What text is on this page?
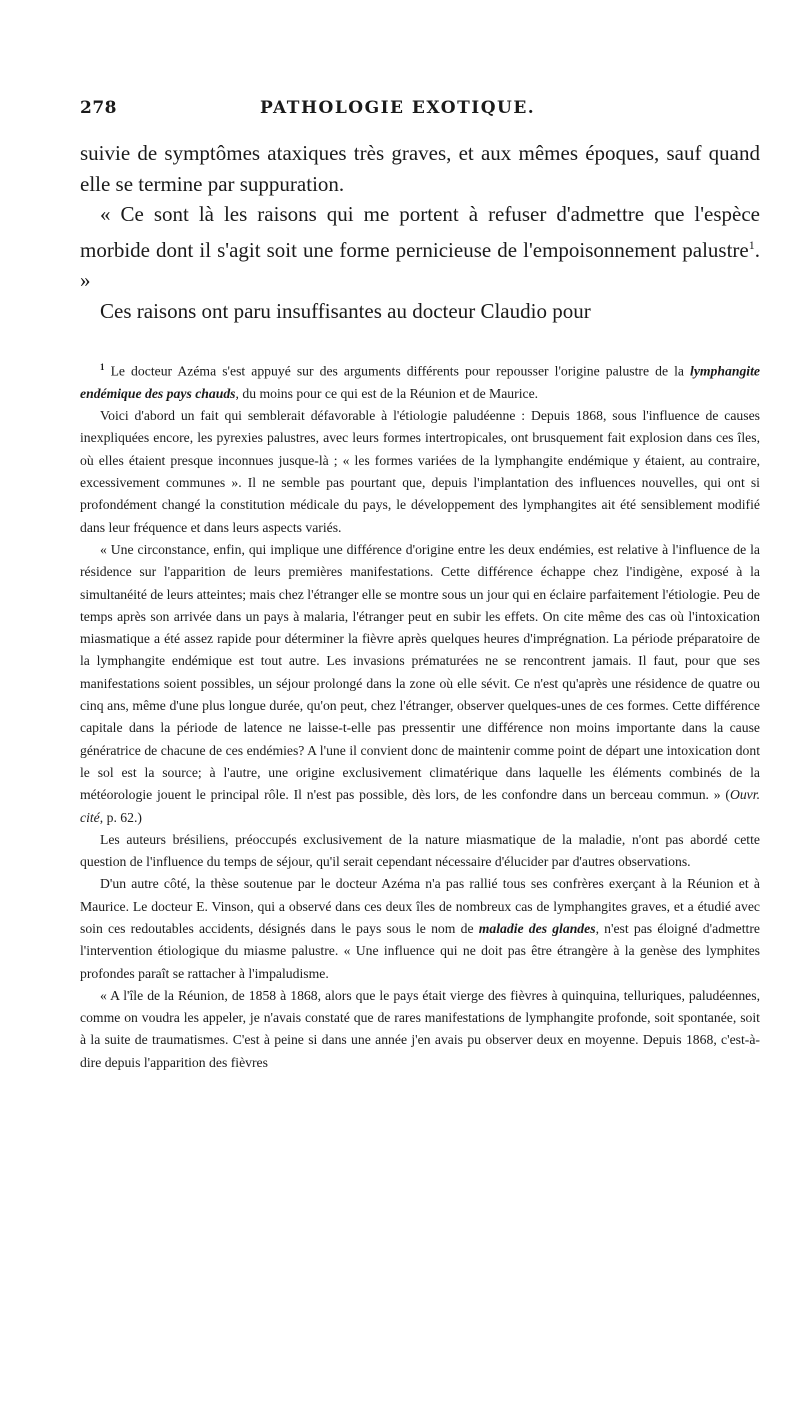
278	PATHOLOGIE EXOTIQUE.

suivie de symptômes ataxiques très graves, et aux mêmes époques, sauf quand elle se termine par suppuration.

« Ce sont là les raisons qui me portent à refuser d'admettre que l'espèce morbide dont il s'agit soit une forme pernicieuse de l'empoisonnement palustre$^1$. »

Ces raisons ont paru insuffisantes au docteur Claudio pour

$^1$ Le docteur Azéma s'est appuyé sur des arguments différents pour repousser l'origine palustre de la lymphangite endémique des pays chauds, du moins pour ce qui est de la Réunion et de Maurice.

Voici d'abord un fait qui semblerait défavorable à l'étiologie paludéenne : Depuis 1868, sous l'influence de causes inexpliquées encore, les pyrexies palustres, avec leurs formes intertropicales, ont brusquement fait explosion dans ces îles, où elles étaient presque inconnues jusque-là ; « les formes variées de la lymphangite endémique y étaient, au contraire, excessivement communes ». Il ne semble pas pourtant que, depuis l'implantation des influences nouvelles, qui ont si profondément changé la constitution médicale du pays, le développement des lymphangites ait été sensiblement modifié dans leur fréquence et dans leurs aspects variés.

« Une circonstance, enfin, qui implique une différence d'origine entre les deux endémies, est relative à l'influence de la résidence sur l'apparition de leurs premières manifestations. Cette différence échappe chez l'indigène, exposé à la simultanéité de leurs atteintes; mais chez l'étranger elle se montre sous un jour qui en éclaire parfaitement l'étiologie. Peu de temps après son arrivée dans un pays à malaria, l'étranger peut en subir les effets. On cite même des cas où l'intoxication miasmatique a été assez rapide pour déterminer la fièvre après quelques heures d'imprégnation. La période préparatoire de la lymphangite endémique est tout autre. Les invasions prématurées ne se rencontrent jamais. Il faut, pour que ses manifestations soient possibles, un séjour prolongé dans la zone où elle sévit. Ce n'est qu'après une résidence de quatre ou cinq ans, même d'une plus longue durée, qu'on peut, chez l'étranger, observer quelques-unes de ces formes. Cette différence capitale dans la période de latence ne laisse-t-elle pas pressentir une différence non moins importante dans la cause génératrice de chacune de ces endémies? A l'une il convient donc de maintenir comme point de départ une intoxication dont le sol est la source; à l'autre, une origine exclusivement climatérique dans laquelle les éléments combinés de la météorologie jouent le principal rôle. Il n'est pas possible, dès lors, de les confondre dans un berceau commun. » (Ouvr. cité, p. 62.)

Les auteurs brésiliens, préoccupés exclusivement de la nature miasmatique de la maladie, n'ont pas abordé cette question de l'influence du temps de séjour, qu'il serait cependant nécessaire d'élucider par d'autres observations.

D'un autre côté, la thèse soutenue par le docteur Azéma n'a pas rallié tous ses confrères exerçant à la Réunion et à Maurice. Le docteur E. Vinson, qui a observé dans ces deux îles de nombreux cas de lymphangites graves, et a étudié avec soin ces redoutables accidents, désignés dans le pays sous le nom de maladie des glandes, n'est pas éloigné d'admettre l'intervention étiologique du miasme palustre. « Une influence qui ne doit pas être étrangère à la genèse des lymphites profondes paraît se rattacher à l'impaludisme.

« A l'île de la Réunion, de 1858 à 1868, alors que le pays était vierge des fièvres à quinquina, telluriques, paludéennes, comme on voudra les appeler, je n'avais constaté que de rares manifestations de lymphangite profonde, soit spontanée, soit à la suite de traumatismes. C'est à peine si dans une année j'en avais pu observer deux en moyenne. Depuis 1868, c'est-à-dire depuis l'apparition des fièvres
